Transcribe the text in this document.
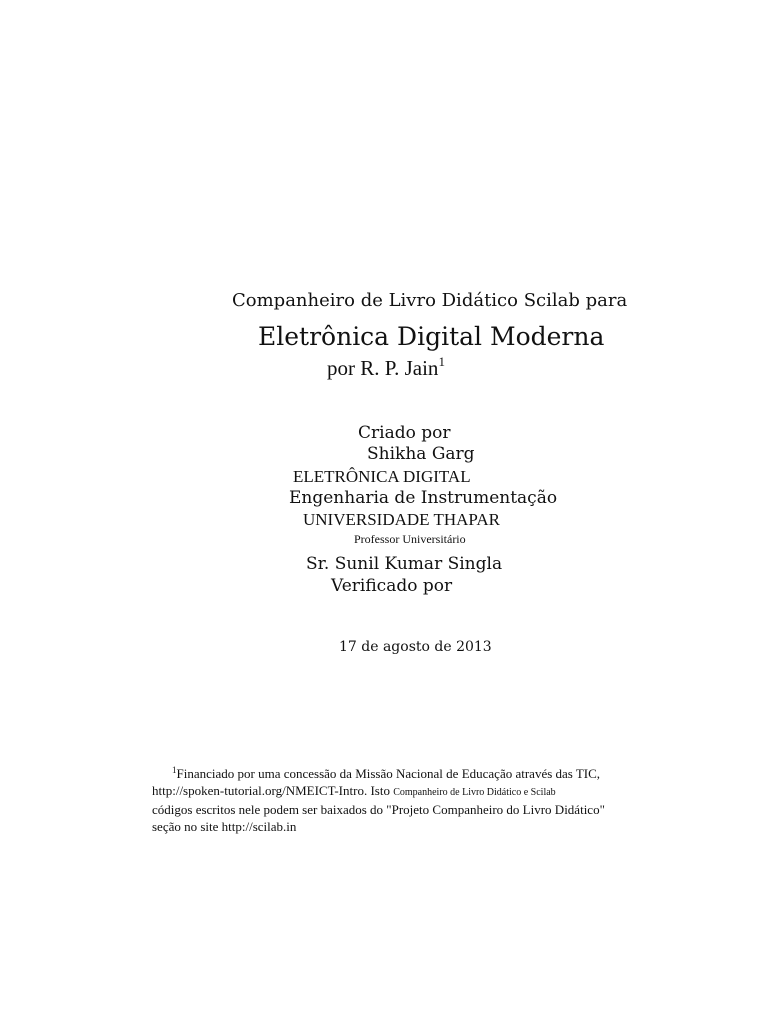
Companheiro de Livro Didático Scilab para
Eletrônica Digital Moderna
por R. P. Jain$^1$
Criado por
Shikha Garg
ELETRÔNICA DIGITAL
Engenharia de Instrumentação
UNIVERSIDADE THAPAR
Professor Universitário
Sr. Sunil Kumar Singla
Verificado por
17 de agosto de 2013
$^1$Financiado por uma concessão da Missão Nacional de Educação através das TIC,
http://spoken-tutorial.org/NMEICT-Intro. Isto Companheiro de Livro Didático e Scilab
códigos escritos nele podem ser baixados do "Projeto Companheiro do Livro Didático"
seção no site http://scilab.in
